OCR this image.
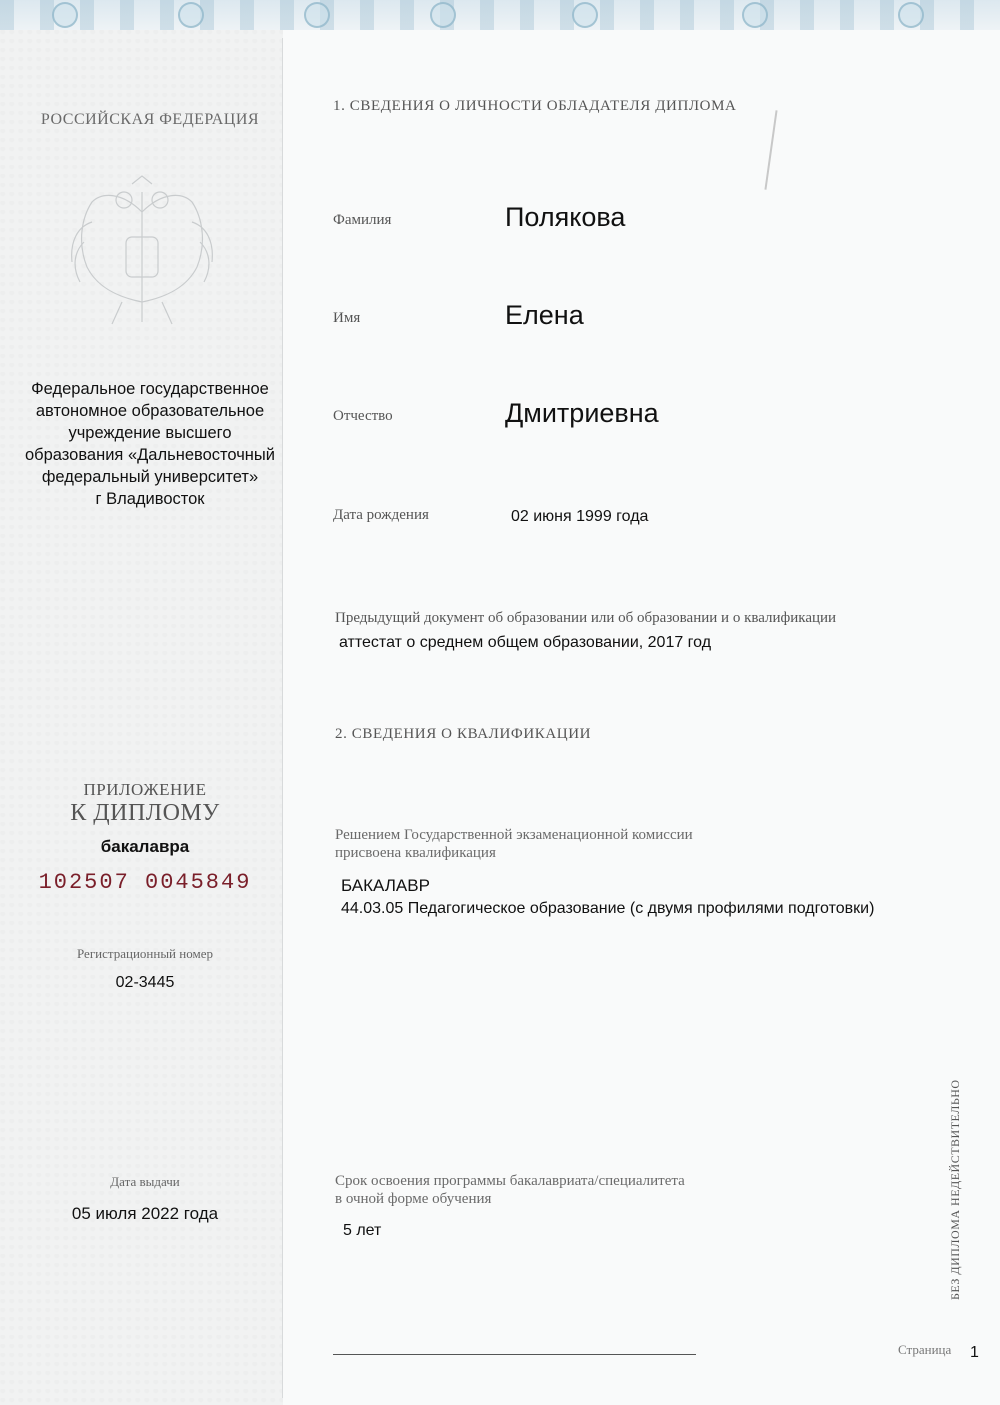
РОССИЙСКАЯ ФЕДЕРАЦИЯ
Федеральное государственное
автономное образовательное
учреждение высшего
образования «Дальневосточный
федеральный университет»
г Владивосток
ПРИЛОЖЕНИЕ
К ДИПЛОМУ
бакалавра
102507 0045849
Регистрационный номер
02-3445
Дата выдачи
05 июля 2022 года
1. СВЕДЕНИЯ О ЛИЧНОСТИ ОБЛАДАТЕЛЯ ДИПЛОМА
Фамилия	Полякова
Имя	Елена
Отчество	Дмитриевна
Дата рождения	02 июня 1999 года
Предыдущий документ об образовании или об образовании и о квалификации
аттестат о среднем общем образовании, 2017 год
2. СВЕДЕНИЯ О КВАЛИФИКАЦИИ
Решением Государственной экзаменационной комиссии
присвоена квалификация
БАКАЛАВР
44.03.05 Педагогическое образование (с двумя профилями подготовки)
Срок освоения программы бакалавриата/специалитета
в очной форме обучения
5 лет	БЕЗ ДИПЛОМА НЕДЕЙСТВИТЕЛЬНО
Страница 1
